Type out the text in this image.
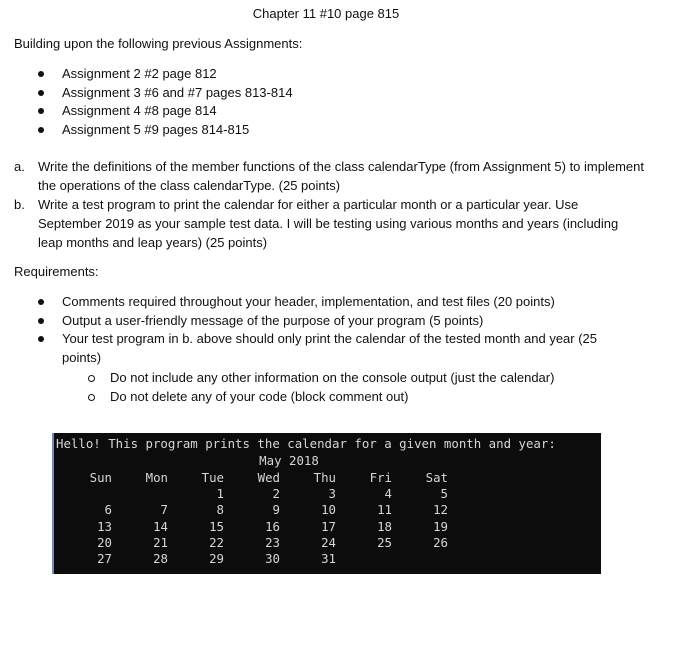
Chapter 11 #10 page 815
Building upon the following previous Assignments:
Assignment 2 #2 page 812
Assignment 3 #6 and #7 pages 813-814
Assignment 4 #8 page 814
Assignment 5 #9 pages 814-815
a. Write the definitions of the member functions of the class calendarType (from Assignment 5) to implement the operations of the class calendarType. (25 points)
b. Write a test program to print the calendar for either a particular month or a particular year. Use September 2019 as your sample test data. I will be testing using various months and years (including leap months and leap years) (25 points)
Requirements:
Comments required throughout your header, implementation, and test files (20 points)
Output a user-friendly message of the purpose of your program (5 points)
Your test program in b. above should only print the calendar of the tested month and year (25 points)
Do not include any other information on the console output (just the calendar)
Do not delete any of your code (block comment out)
Hello! This program prints the calendar for a given month and year:
May 2018
Sun	Mon	Tue	Wed	Thu	Fri	Sat
		1	2	3	4	5
6	7	8	9	10	11	12
13	14	15	16	17	18	19
20	21	22	23	24	25	26
27	28	29	30	31		
